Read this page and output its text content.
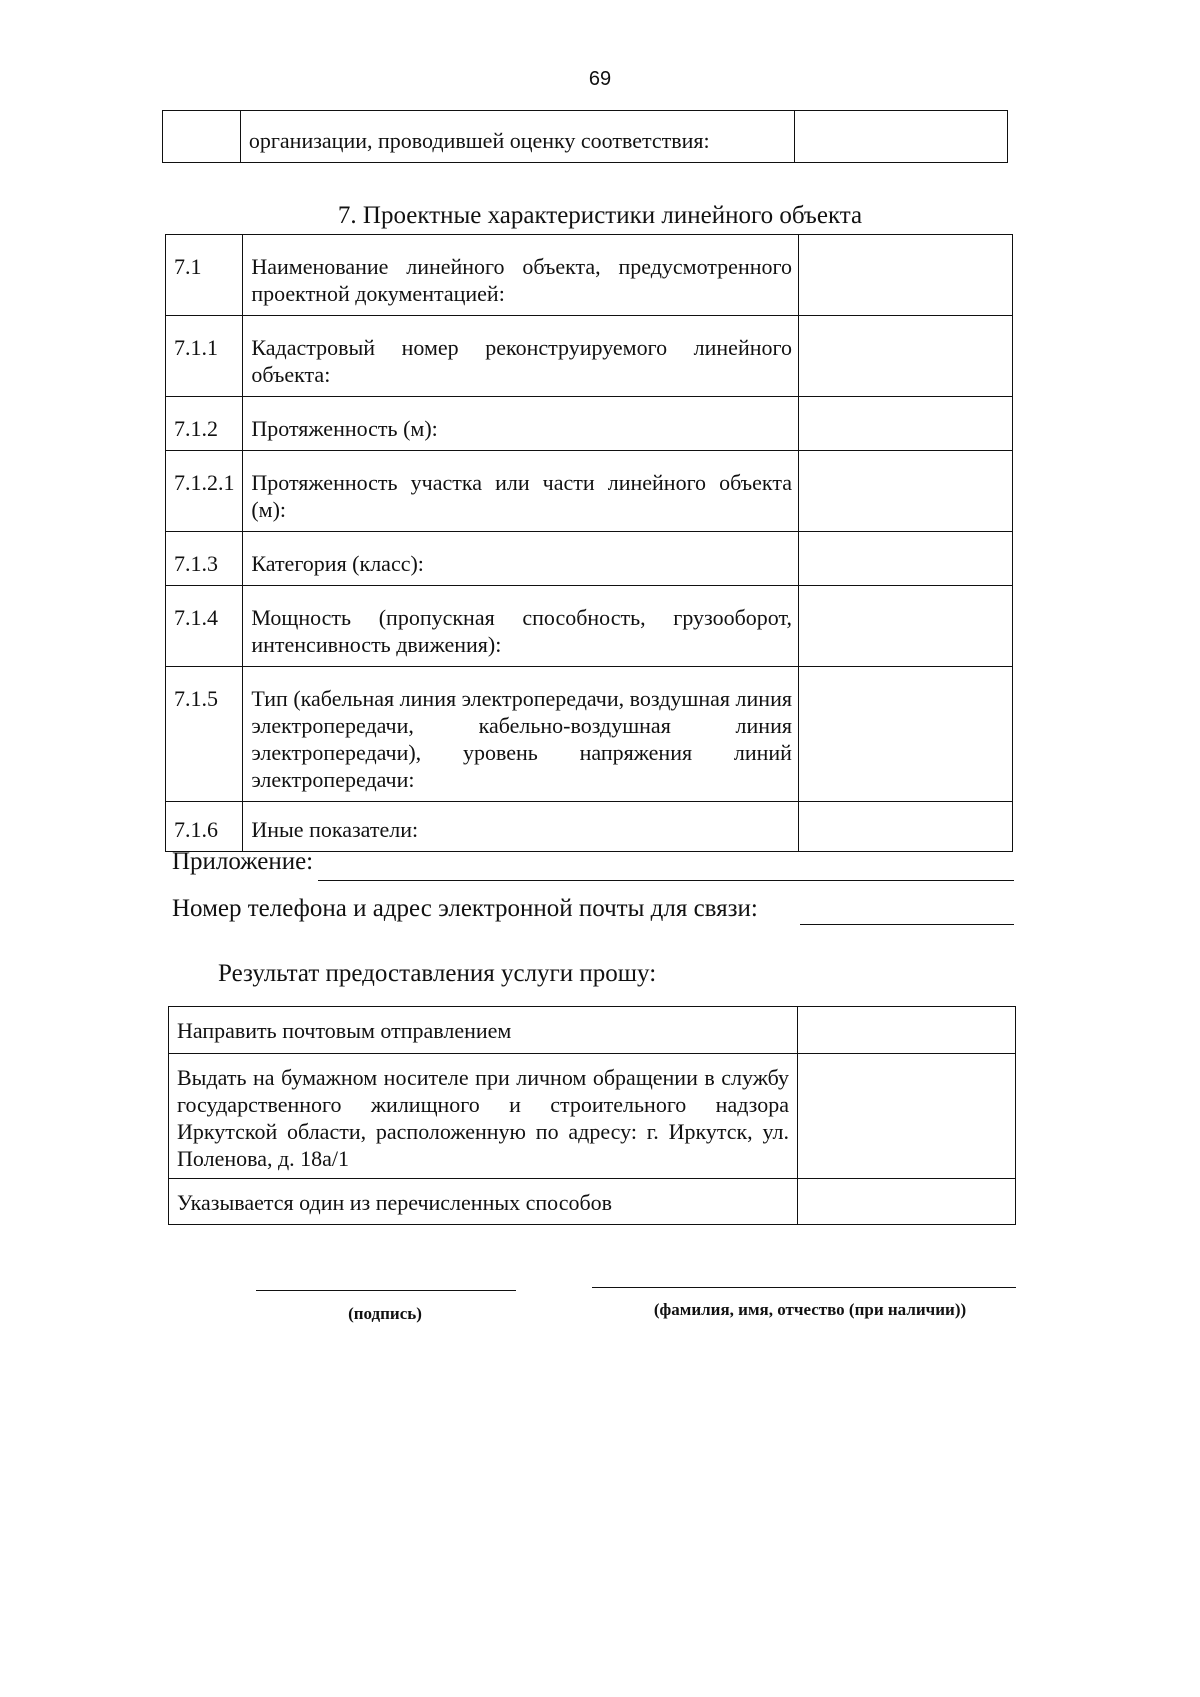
69
	организации, проводившей оценку соответствия:	
7. Проектные характеристики линейного объекта
7.1	Наименование линейного объекта, предусмотренного проектной документацией:	
7.1.1	Кадастровый номер реконструируемого линейного объекта:	
7.1.2	Протяженность (м):	
7.1.2.1	Протяженность участка или части линейного объекта (м):	
7.1.3	Категория (класс):	
7.1.4	Мощность (пропускная способность, грузооборот, интенсивность движения):	
7.1.5	Тип (кабельная линия электропередачи, воздушная линия электропередачи, кабельно-воздушная линия электропередачи), уровень напряжения линий электропередачи:	
7.1.6	Иные показатели:	
Приложение:
Номер телефона и адрес электронной почты для связи:
Результат предоставления услуги прошу:
Направить почтовым отправлением	
Выдать на бумажном носителе при личном обращении в службу государственного жилищного и строительного надзора Иркутской области, расположенную по адресу: г. Иркутск, ул. Поленова, д. 18а/1	
Указывается один из перечисленных способов	
(подпись)	(фамилия, имя, отчество (при наличии))
